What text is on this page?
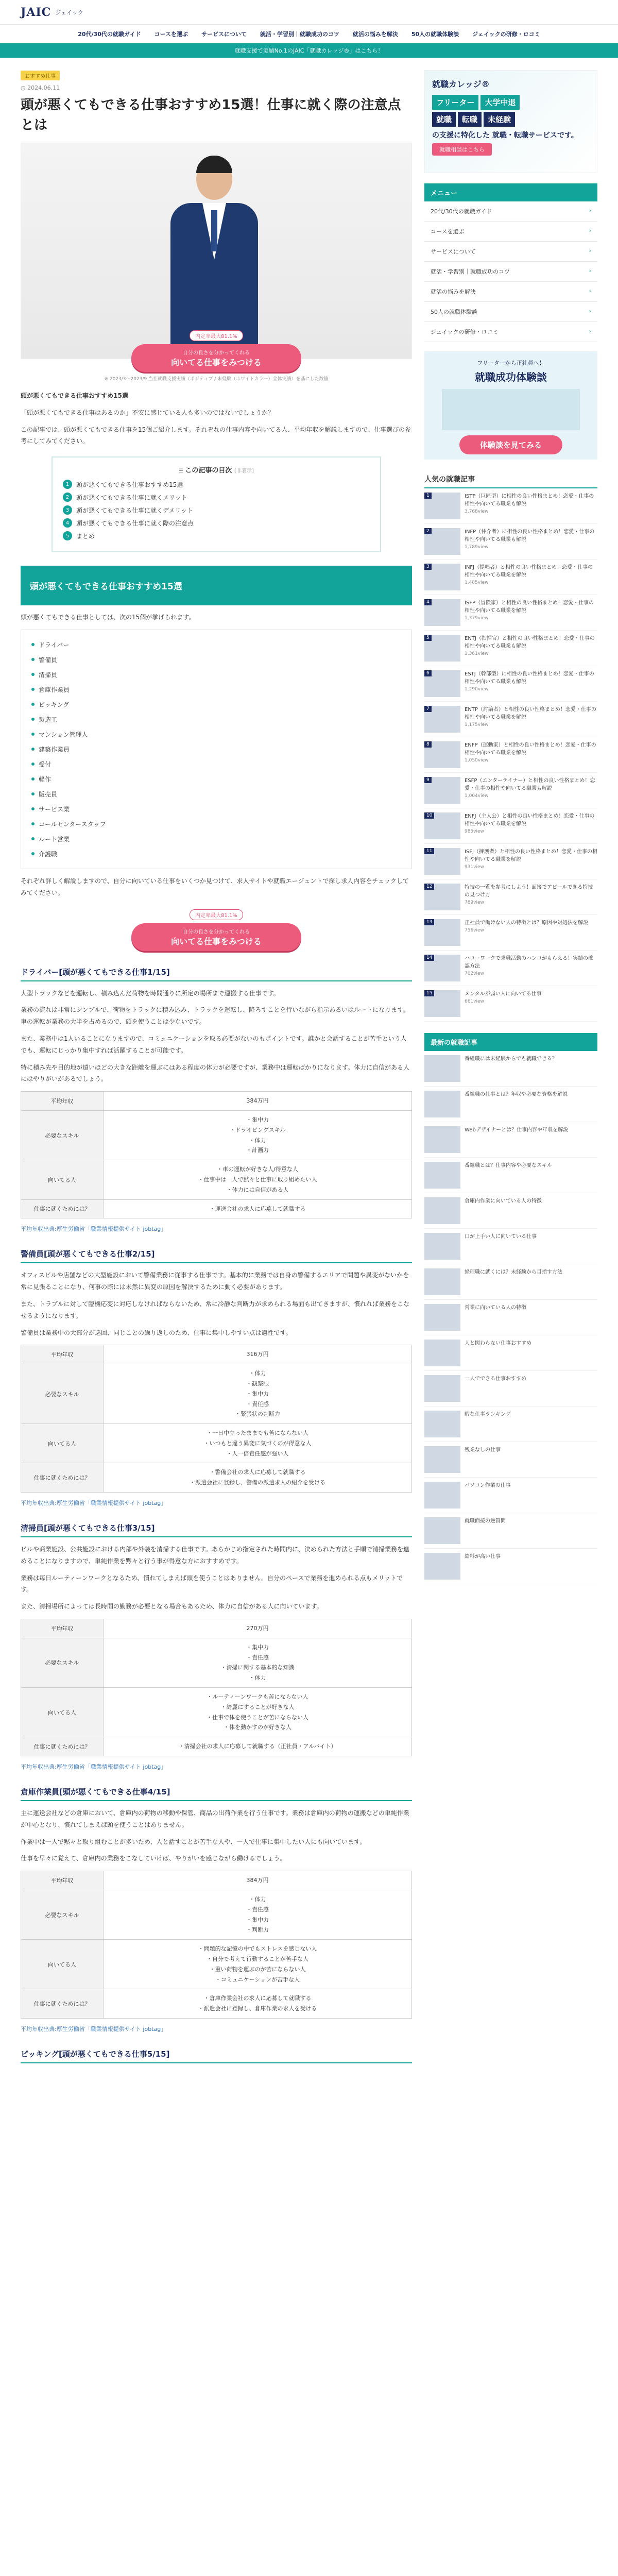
JAIC ジェイック
20代/30代の就職ガイド コースを選ぶ サービスについて 就活・学習別｜就職成功のコツ 就活の悩みを解決 50人の就職体験談 ジェイックの研修・ロコミ
就職支援で実績No.1のJAIC「就職カレッジ®」はこちら！
おすすめ仕事
◷ 2024.06.11
頭が悪くてもできる仕事おすすめ15選！仕事に就く際の注意点とは
内定率最大81.1%
自分の良さを分かってくれる
向いてる仕事をみつける
※ 2023/3〜2023/9 当社就職支援実績（ポジティブ / 未経験（ホワイトカラー）全体実績）を基にした数値

頭が悪くてもできる仕事おすすめ15選

「頭が悪くてもできる仕事はあるのか」不安に感じている人も多いのではないでしょうか？

この記事では、頭が悪くてもできる仕事を15個ご紹介します。それぞれの仕事内容や向いてる人、平均年収を解説しますので、仕事選びの参考にしてみてください。

☰ この記事の目次 [非表示]
1	頭が悪くてもできる仕事おすすめ15選
2	頭が悪くてもできる仕事に就くメリット
3	頭が悪くてもできる仕事に就くデメリット
4	頭が悪くてもできる仕事に就く際の注意点
5	まとめ
頭が悪くてもできる仕事おすすめ15選

頭が悪くてもできる仕事としては、次の15個が挙げられます。

ドライバー
警備員
清掃員
倉庫作業員
ピッキング
製造工
マンション管理人
建築作業員
受付
軽作
販売員
サービス業
コールセンタースタッフ
ルート営業
介護職

それぞれ詳しく解説しますので、自分に向いている仕事をいくつか見つけて、求人サイトや就職エージェントで探し求人内容をチェックしてみてください。

内定率最大81.1%
自分の良さを分かってくれる
向いてる仕事をみつける
ドライバー[頭が悪くてもできる仕事1/15]

大型トラックなどを運転し、積み込んだ荷物を時間通りに所定の場所まで運搬する仕事です。

業務の流れは非常にシンプルで、荷物をトラックに積み込み、トラックを運転し、降ろすことを行いながら指示あるいはルートになります。車の運転が業務の大半を占めるので、頭を使うことは少ないです。

また、業務中は1人いることになりますので、コミュニケーションを取る必要がないのもポイントです。誰かと会話することが苦手という人でも、運転にじっかり集中すれば活躍することが可能です。

特に積み先や目的地が遠いほどの大きな距離を運ぶにはある程度の体力が必要ですが、業務中は運転ばかりになります。体力に自信がある人にはやりがいがあるでしょう。

平均年収	384万円
必要なスキル	・集中力
・ドライビングスキル
・体力
・計画力
向いてる人	・車の運転が好きな人/得意な人
・仕事中は一人で黙々と仕事に取り組めたい人
・体力には自信がある人
仕事に就くためには？	・運送会社の求人に応募して就職する

平均年収出典:厚生労働省「職業情報提供サイト jobtag」

警備員[頭が悪くてもできる仕事2/15]

オフィスビルや店舗などの大型施設において警備業務に従事する仕事です。基本的に業務では自身の警備するエリアで問題や異変がないかを常に見張ることになり、何事の際には未然に異変の原因を解決するために動く必要があります。

また、トラブルに対して臨機応変に対応しなければならないため、常に冷静な判断力が求められる場面も出てきますが、慣れれば業務をこなせるようになります。

警備員は業務中の大部分が巡回、同じことの繰り返しのため、仕事に集中しやすい点は適性です。

平均年収	316万円
必要なスキル	・体力
・観察眼
・集中力
・責任感
・緊張状の判断力
向いてる人	・一日中立ったままでも苦にならない人
・いつもと違う異変に気づくのが得意な人
・人一倍責任感が強い人
仕事に就くためには？	・警備会社の求人に応募して就職する
・派遣会社に登録し、警備の派遣求人の紹介を受ける

平均年収出典:厚生労働省「職業情報提供サイト jobtag」

清掃員[頭が悪くてもできる仕事3/15]

ビルや商業施設、公共施設における内部や外装を清掃する仕事です。あらかじめ指定された時間内に、決められた方法と手順で清掃業務を進めることになりますので、単純作業を黙々と行う事が得意な方におすすめです。

業務は毎日ルーティーンワークとなるため、慣れてしまえば頭を使うことはありません。自分のペースで業務を進められる点もメリットです。

また、清掃場所によっては長時間の勤務が必要となる場合もあるため、体力に自信がある人に向いています。

平均年収	270万円
必要なスキル	・集中力
・責任感
・清掃に関する基本的な知識
・体力
向いてる人	・ルーティーンワークも苦にならない人
・綺麗にすることが好きな人
・仕事で体を使うことが苦にならない人
・体を動かすのが好きな人
仕事に就くためには？	・清掃会社の求人に応募して就職する（正社員・アルバイト）

平均年収出典:厚生労働省「職業情報提供サイト jobtag」

倉庫作業員[頭が悪くてもできる仕事4/15]

主に運送会社などの倉庫において、倉庫内の荷物の移動や保管、商品の出荷作業を行う仕事です。業務は倉庫内の荷物の運搬などの単純作業が中心となり、慣れてしまえば頭を使うことはありません。

作業中は一人で黙々と取り組むことが多いため、人と話すことが苦手な人や、一人で仕事に集中したい人にも向いています。

仕事を早々に覚えて、倉庫内の業務をこなしていけば、やりがいを感じながら働けるでしょう。

平均年収	384万円
必要なスキル	・体力
・責任感
・集中力
・判断力
向いてる人	・問題的な記憶の中でもストレスを感じない人
・自分で考えて行動することが苦手な人
・重い荷物を運ぶのが苦にならない人
・コミュニケーションが苦手な人
仕事に就くためには？	・倉庫作業会社の求人に応募して就職する
・派遣会社に登録し、倉庫作業の求人を受ける

平均年収出典:厚生労働省「職業情報提供サイト jobtag」

ピッキング[頭が悪くてもできる仕事5/15]
就職カレッジ®
フリーター	大学中退
就職	転職	未経験
の支援に特化した 就職・転職サービスです。
就職相談はこちら
メニュー
20代/30代の就職ガイド	›
コースを選ぶ	›
サービスについて	›
就活・学習別｜就職成功のコツ	›
就活の悩みを解決	›
50人の就職体験談	›
ジェイックの研修・ロコミ	›
フリーターから正社員へ！
就職成功体験談
体験談を見てみる
人気の就職記事
1	ISTP（巨匠型）に相性の良い性格まとめ！恋愛・仕事の相性や向いてる職業も解説
3,768view
2	INFP（仲介者）に相性の良い性格まとめ！恋愛・仕事の相性や向いてる職業も解説
1,789view
3	INFJ（提唱者）と相性の良い性格まとめ！恋愛・仕事の相性や向いてる職業を解説
1,485view
4	ISFP（冒険家）と相性の良い性格まとめ！恋愛・仕事の相性や向いてる職業を解説
1,379view
5	ENTJ（指揮官）と相性の良い性格まとめ！恋愛・仕事の相性や向いてる職業も解説
1,361view
6	ESTJ（幹部型）に相性の良い性格まとめ！恋愛・仕事の相性や向いてる職業も解説
1,290view
7	ENTP（討論者）と相性の良い性格まとめ！恋愛・仕事の相性や向いてる職業を解説
1,175view
8	ENFP（運動家）と相性の良い性格まとめ！恋愛・仕事の相性や向いてる職業を解説
1,050view
9	ESFP（エンターテイナー）と相性の良い性格まとめ！恋愛・仕事の相性や向いてる職業も解説
1,004view
10	ENFJ（主人公）と相性の良い性格まとめ！恋愛・仕事の相性や向いてる職業を解説
985view
11	ISFJ（擁護者）と相性の良い性格まとめ！恋愛・仕事の相性や向いてる職業を解説
931view
12	特技の一覧を参考にしよう！面接でアピールできる特技の見つけ方
789view
13	正社員で働けない人の特徴とは？原因や対処法を解説
756view
14	ハローワークで求職活動のハンコがもらえる！実績の確認方法
702view
15	メンタルが弱い人に向いてる仕事
661view
最新の就職記事
番組職には未経験からでも就職できる？
番組職の仕事とは？年収や必要な資格を解説
Webデザイナーとは？仕事内容や年収を解説
番組職とは？仕事内容や必要なスキル
倉庫内作業に向いている人の特徴
口が上手い人に向いている仕事
経理職に就くには？未経験から目指す方法
営業に向いている人の特徴
人と関わらない仕事おすすめ
一人でできる仕事おすすめ
暇な仕事ランキング
残業なしの仕事
パソコン作業の仕事
就職面接の逆質問
給料が高い仕事
